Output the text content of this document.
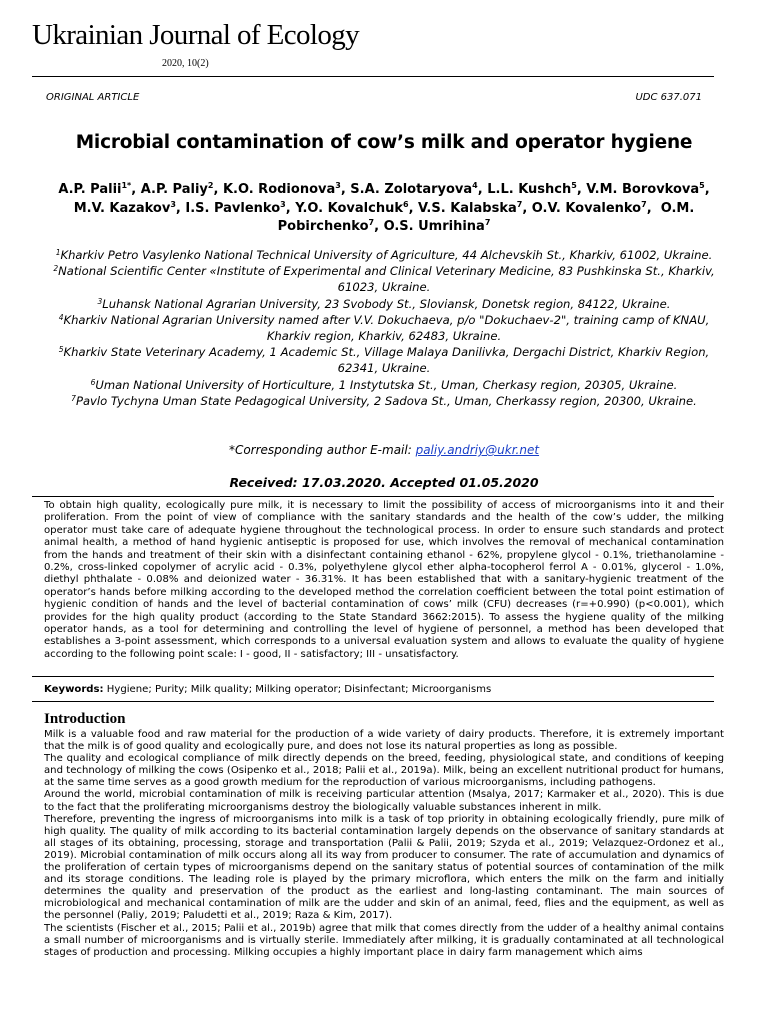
Ukrainian Journal of Ecology
2020, 10(2)
ORIGINAL ARTICLE	UDC 637.071
Microbial contamination of cow’s milk and operator hygiene
A.P. Palii$^{1*}$, A.P. Paliy$^2$, K.O. Rodionova$^3$, S.A. Zolotaryova$^4$, L.L. Kushch$^5$, V.M. Borovkova$^5$, M.V. Kazakov$^3$, I.S. Pavlenko$^3$, Y.O. Kovalchuk$^6$, V.S. Kalabska$^7$, O.V. Kovalenko$^7$,  O.M. Pobirchenko$^7$, O.S. Umrihina$^7$

$^1$Kharkiv Petro Vasylenko National Technical University of Agriculture, 44 Alchevskih St., Kharkiv, 61002, Ukraine.

$^2$National Scientific Center «Institute of Experimental and Clinical Veterinary Medicine, 83 Pushkinska St., Kharkiv, 61023, Ukraine.

$^3$Luhansk National Agrarian University, 23 Svobody St., Sloviansk, Donetsk region, 84122, Ukraine.

$^4$Kharkiv National Agrarian University named after V.V. Dokuchaeva, p/o "Dokuchaev-2", training camp of KNAU, Kharkiv region, Kharkiv, 62483, Ukraine.

$^5$Kharkiv State Veterinary Academy, 1 Academic St., Village Malaya Danilivka, Dergachi District, Kharkiv Region, 62341, Ukraine.

$^6$Uman National University of Horticulture, 1 Instytutska St., Uman, Cherkasy region, 20305, Ukraine.

$^7$Pavlo Tychyna Uman State Pedagogical University, 2 Sadova St., Uman, Cherkassy region, 20300, Ukraine.

*Corresponding author E-mail: paliy.andriy@ukr.net
Received: 17.03.2020. Accepted 01.05.2020

To obtain high quality, ecologically pure milk, it is necessary to limit the possibility of access of microorganisms into it and their proliferation. From the point of view of compliance with the sanitary standards and the health of the cow’s udder, the milking operator must take care of adequate hygiene throughout the technological process. In order to ensure such standards and protect animal health, a method of hand hygienic antiseptic is proposed for use, which involves the removal of mechanical contamination from the hands and treatment of their skin with a disinfectant containing ethanol - 62%, propylene glycol - 0.1%, triethanolamine - 0.2%, cross-linked copolymer of acrylic acid - 0.3%, polyethylene glycol ether alpha-tocopherol ferrol A - 0.01%, glycerol - 1.0%, diethyl phthalate - 0.08% and deionized water - 36.31%. It has been established that with a sanitary-hygienic treatment of the operator’s hands before milking according to the developed method the correlation coefficient between the total point estimation of hygienic condition of hands and the level of bacterial contamination of cows’ milk (CFU) decreases (r=+0.990) (p<0.001), which provides for the high quality product (according to the State Standard 3662:2015). To assess the hygiene quality of the milking operator hands, as a tool for determining and controlling the level of hygiene of personnel, a method has been developed that establishes a 3-point assessment, which corresponds to a universal evaluation system and allows to evaluate the quality of hygiene according to the following point scale: I - good, II - satisfactory; III - unsatisfactory.

Keywords: Hygiene; Purity; Milk quality; Milking operator; Disinfectant; Microorganisms
Introduction

Milk is a valuable food and raw material for the production of a wide variety of dairy products. Therefore, it is extremely important that the milk is of good quality and ecologically pure, and does not lose its natural properties as long as possible.

The quality and ecological compliance of milk directly depends on the breed, feeding, physiological state, and conditions of keeping and technology of milking the cows (Osipenko et al., 2018; Palii et al., 2019a). Milk, being an excellent nutritional product for humans, at the same time serves as a good growth medium for the reproduction of various microorganisms, including pathogens.

Around the world, microbial contamination of milk is receiving particular attention (Msalya, 2017; Karmaker et al., 2020). This is due to the fact that the proliferating microorganisms destroy the biologically valuable substances inherent in milk.

Therefore, preventing the ingress of microorganisms into milk is a task of top priority in obtaining ecologically friendly, pure milk of high quality. The quality of milk according to its bacterial contamination largely depends on the observance of sanitary standards at all stages of its obtaining, processing, storage and transportation (Palii & Palii, 2019; Szyda et al., 2019; Velazquez-Ordonez et al., 2019). Microbial contamination of milk occurs along all its way from producer to consumer. The rate of accumulation and dynamics of the proliferation of certain types of microorganisms depend on the sanitary status of potential sources of contamination of the milk and its storage conditions. The leading role is played by the primary microflora, which enters the milk on the farm and initially determines the quality and preservation of the product as the earliest and long-lasting contaminant. The main sources of microbiological and mechanical contamination of milk are the udder and skin of an animal, feed, flies and the equipment, as well as the personnel (Paliy, 2019; Paludetti et al., 2019; Raza & Kim, 2017).

The scientists (Fischer et al., 2015; Palii et al., 2019b) agree that milk that comes directly from the udder of a healthy animal contains a small number of microorganisms and is virtually sterile. Immediately after milking, it is gradually contaminated at all technological stages of production and processing. Milking occupies a highly important place in dairy farm management which aims
